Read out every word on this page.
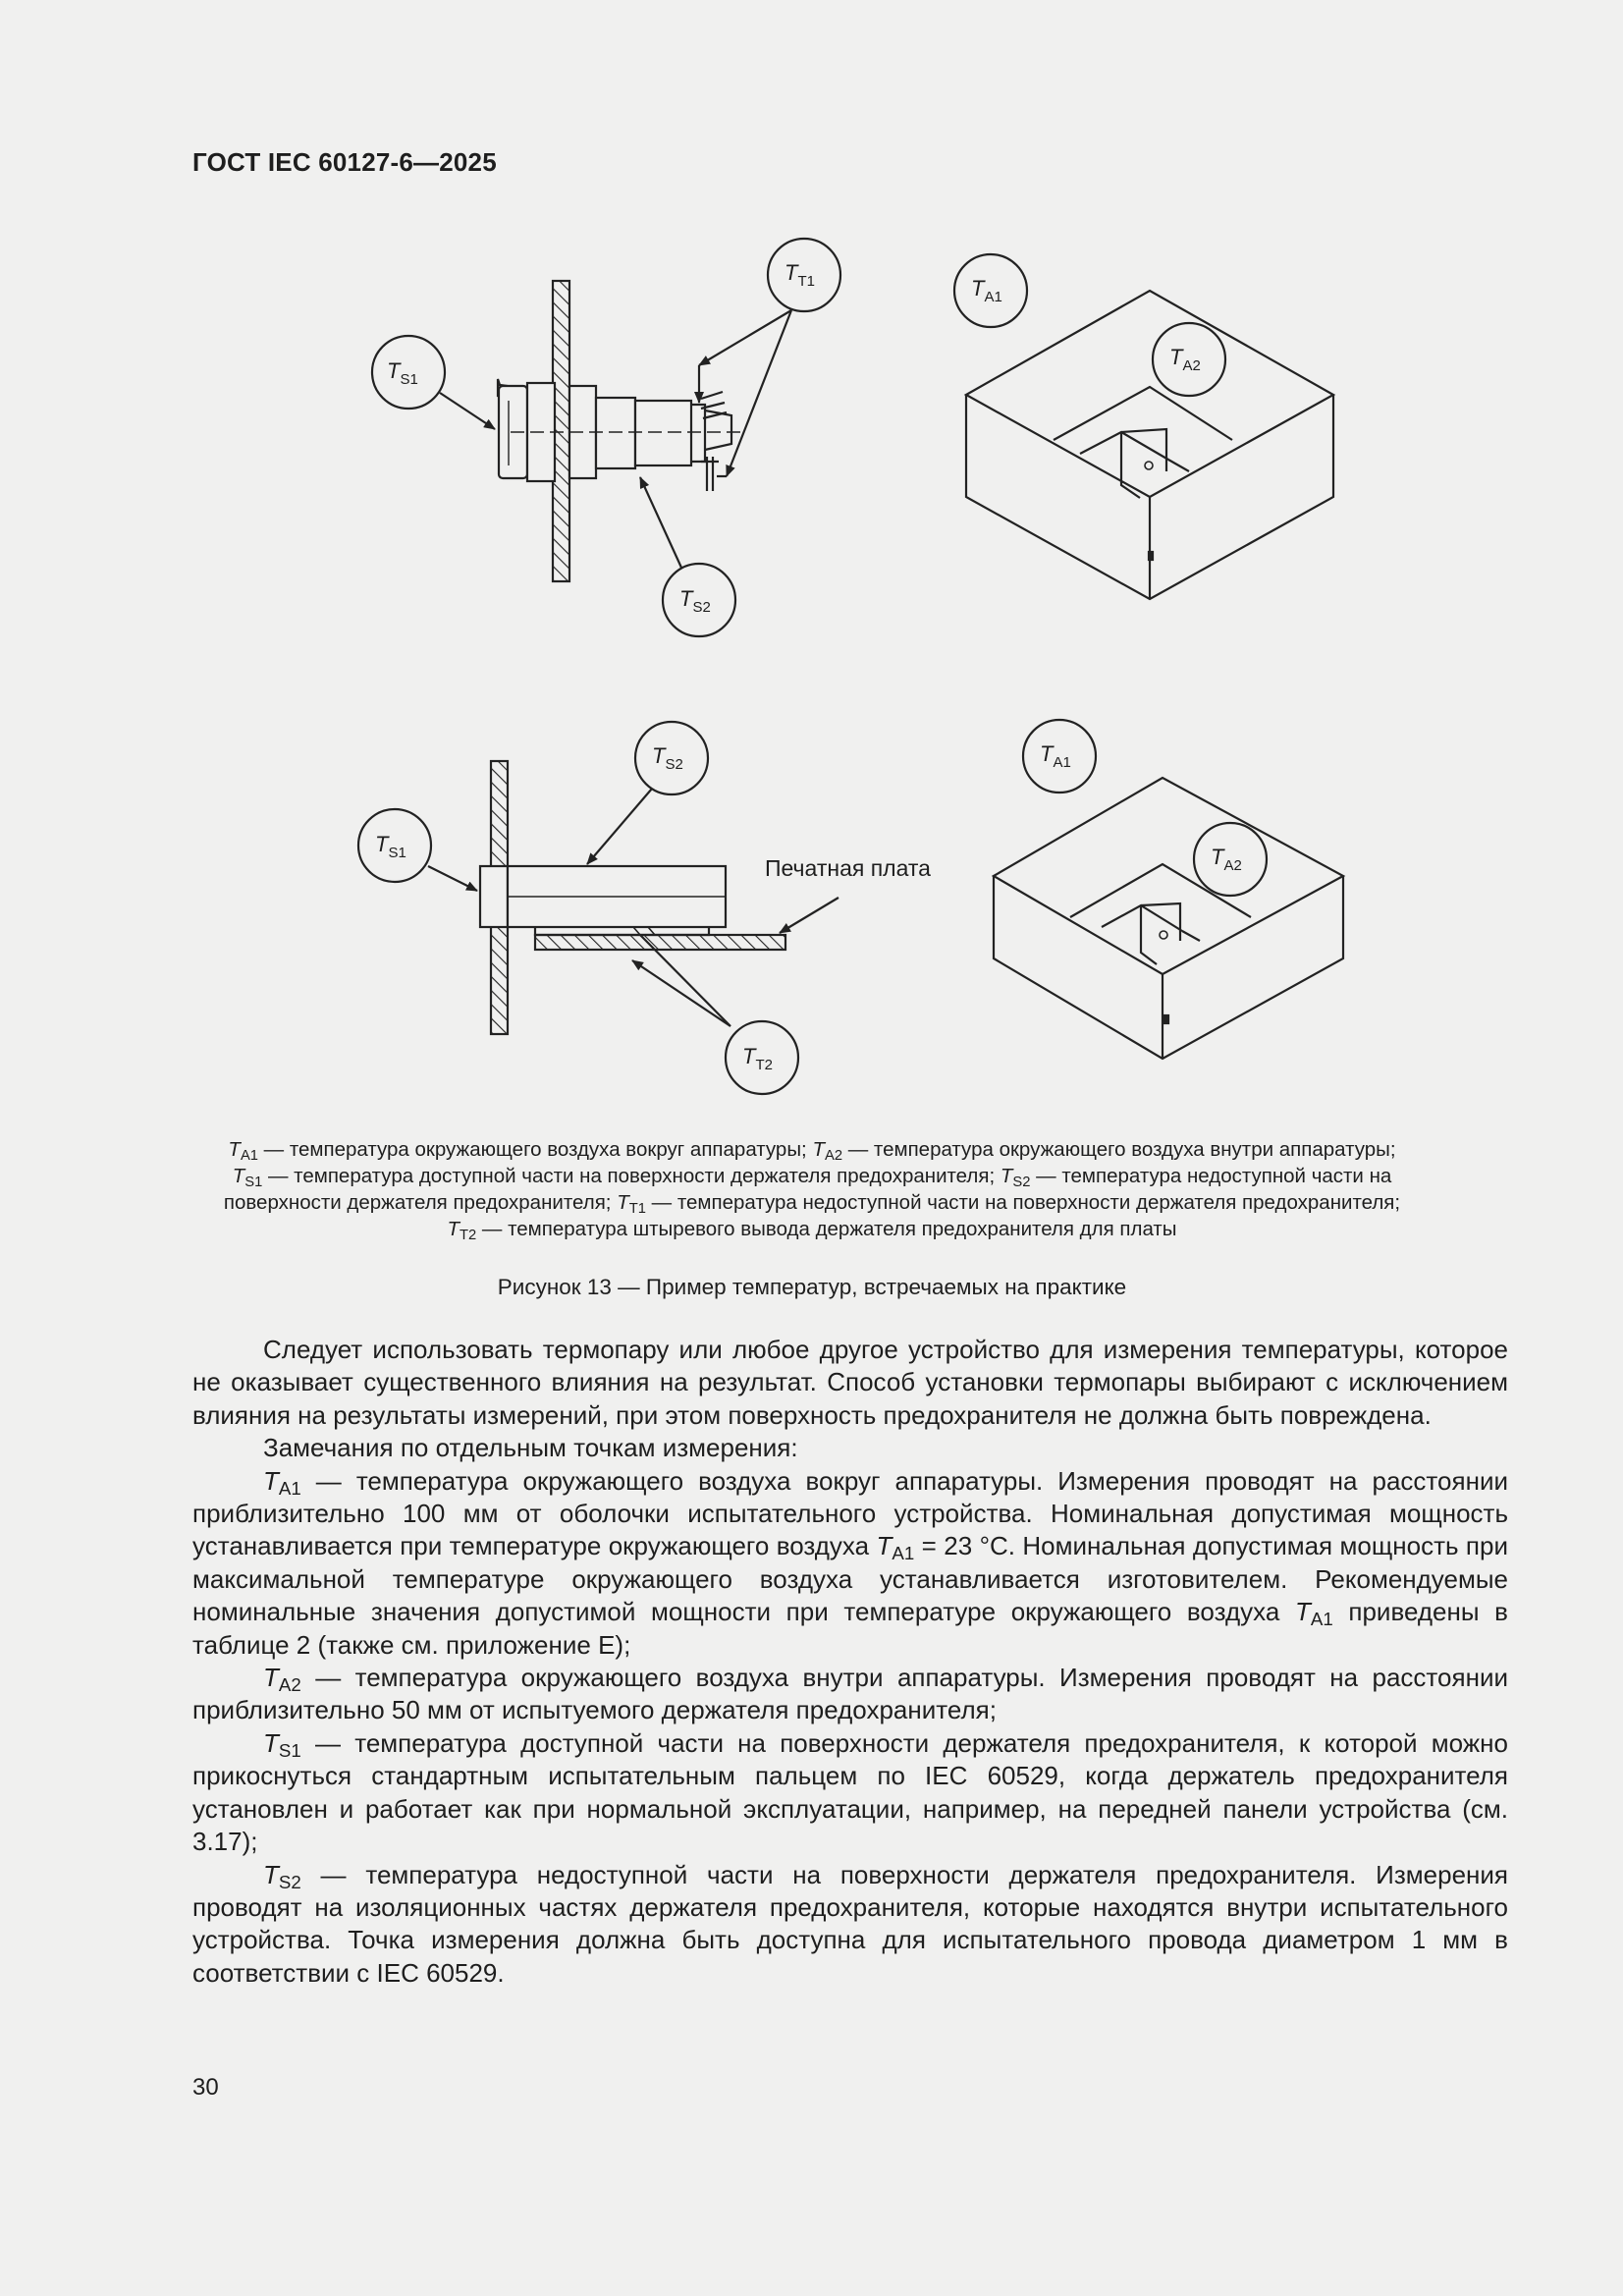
ГОСТ IEC 60127-6—2025
$T_{S1}$
$T_{T1}$
$T_{S2}$
$T_{A1}$
$T_{A2}$
$T_{S1}$
$T_{S2}$
$T_{T2}$
$T_{A1}$
$T_{A2}$
Печатная плата
$T_{A1}$ — температура окружающего воздуха вокруг аппаратуры; $T_{A2}$ — температура окружающего воздуха внутри аппаратуры;
$T_{S1}$ — температура доступной части на поверхности держателя предохранителя; $T_{S2}$ — температура недоступной части на
поверхности держателя предохранителя; $T_{T1}$ — температура недоступной части на поверхности держателя предохранителя;
$T_{T2}$ — температура штыревого вывода держателя предохранителя для платы
Рисунок 13 — Пример температур, встречаемых на практике

Следует использовать термопару или любое другое устройство для измерения температуры, которое не оказывает существенного влияния на результат. Способ установки термопары выбирают с исключением влияния на результаты измерений, при этом поверхность предохранителя не должна быть повреждена.

Замечания по отдельным точкам измерения:

$T_{A1}$ — температура окружающего воздуха вокруг аппаратуры. Измерения проводят на расстоянии приблизительно 100 мм от оболочки испытательного устройства. Номинальная допустимая мощность устанавливается при температуре окружающего воздуха $T_{A1} = 23$ °С. Номинальная допустимая мощность при максимальной температуре окружающего воздуха устанавливается изготовителем. Рекомендуемые номинальные значения допустимой мощности при температуре окружающего воздуха $T_{A1}$ приведены в таблице 2 (также см. приложение Е);

$T_{A2}$ — температура окружающего воздуха внутри аппаратуры. Измерения проводят на расстоянии приблизительно 50 мм от испытуемого держателя предохранителя;

$T_{S1}$ — температура доступной части на поверхности держателя предохранителя, к которой можно прикоснуться стандартным испытательным пальцем по IEC 60529, когда держатель предохранителя установлен и работает как при нормальной эксплуатации, например, на передней панели устройства (см. 3.17);

$T_{S2}$ — температура недоступной части на поверхности держателя предохранителя. Измерения проводят на изоляционных частях держателя предохранителя, которые находятся внутри испытательного устройства. Точка измерения должна быть доступна для испытательного провода диаметром 1 мм в соответствии с IEC 60529.

30
